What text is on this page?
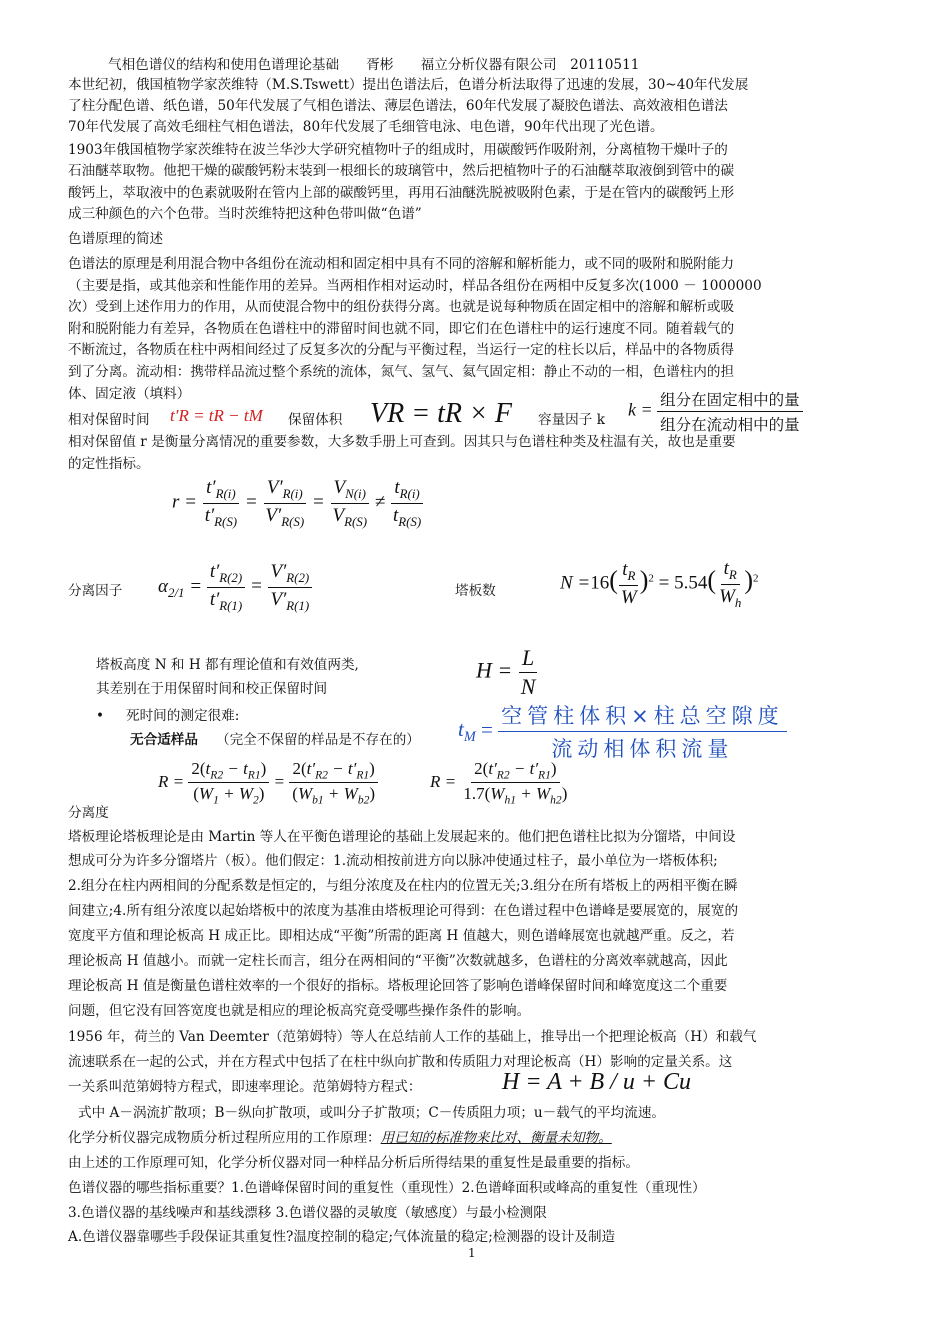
气相色谱仪的结构和使用色谱理论基础　　胥彬　　福立分析仪器有限公司　20110511
本世纪初，俄国植物学家茨维特（M.S.Tswett）提出色谱法后，色谱分析法取得了迅速的发展，30~40年代发展
了柱分配色谱、纸色谱，50年代发展了气相色谱法、薄层色谱法，60年代发展了凝胶色谱法、高效液相色谱法
70年代发展了高效毛细柱气相色谱法，80年代发展了毛细管电泳、电色谱，90年代出现了光色谱。
1903年俄国植物学家茨维特在波兰华沙大学研究植物叶子的组成时，用碳酸钙作吸附剂，分离植物干燥叶子的
石油醚萃取物。他把干燥的碳酸钙粉末装到一根细长的玻璃管中，然后把植物叶子的石油醚萃取液倒到管中的碳
酸钙上，萃取液中的色素就吸附在管内上部的碳酸钙里，再用石油醚洗脱被吸附色素，于是在管内的碳酸钙上形
成三种颜色的六个色带。当时茨维特把这种色带叫做“色谱”
色谱原理的简述
色谱法的原理是利用混合物中各组份在流动相和固定相中具有不同的溶解和解析能力，或不同的吸附和脱附能力
（主要是指，或其他亲和性能作用的差异。当两相作相对运动时，样品各组份在两相中反复多次(1000 － 1000000
次）受到上述作用力的作用，从而使混合物中的组份获得分离。也就是说每种物质在固定相中的溶解和解析或吸
附和脱附能力有差异，各物质在色谱柱中的滞留时间也就不同，即它们在色谱柱中的运行速度不同。随着载气的
不断流过，各物质在柱中两相间经过了反复多次的分配与平衡过程，当运行一定的柱长以后，样品中的各物质得
到了分离。流动相：携带样品流过整个系统的流体，氮气、氢气、氦气固定相：静止不动的一相，色谱柱内的担
体、固定液（填料）
相对保留时间 t′R = tR − tM 保留体积 VR = tR × F 容量因子 k
$k = \frac{\text{组分在固定相中的量}}{\text{组分在流动相中的量}}$
相对保留值 r 是衡量分离情况的重要参数，大多数手册上可查到。因其只与色谱柱种类及柱温有关，故也是重要
的定性指标。
$r = \frac{t'_{R(i)}}{t'_{R(S)}} = \frac{V'_{R(i)}}{V'_{R(S)}} = \frac{V_{N(i)}}{V_{R(S)}} \ne \frac{t_{R(i)}}{t_{R(S)}}$
分离因子 $\alpha_{2/1} = \frac{t'_{R(2)}}{t'_{R(1)}} = \frac{V'_{R(2)}}{V'_{R(1)}}$	塔板数	$N =16( \frac{t_R}{W} )^2 = 5.54( \frac{t_R}{W_h} )^2$
塔板高度 N 和 H 都有理论值和有效值两类,
其差别在于用保留时间和校正保留时间
$H = \frac{L}{N}$
• 死时间的测定很难:
无合适样品 （完全不保留的样品是不存在的） $t_M = \frac{\text{空管柱体积×柱总空隙度}}{\text{流动相体积流量}}$
$R = \frac{2(t_{R2} - t_{R1})}{(W_1 + W_2)} = \frac{2(t'_{R2} - t'_{R1})}{(W_{b1} + W_{b2})}$	$R = \frac{2(t'_{R2} - t'_{R1})}{1.7(W_{h1} + W_{h2})}$
分离度
塔板理论塔板理论是由 Martin 等人在平衡色谱理论的基础上发展起来的。他们把色谱柱比拟为分馏塔，中间设
想成可分为许多分馏塔片（板）。他们假定：1.流动相按前进方向以脉冲使通过柱子，最小单位为一塔板体积;
2.组分在柱内两相间的分配系数是恒定的，与组分浓度及在柱内的位置无关;3.组分在所有塔板上的两相平衡在瞬
间建立;4.所有组分浓度以起始塔板中的浓度为基准由塔板理论可得到：在色谱过程中色谱峰是要展宽的，展宽的
宽度平方值和理论板高 H 成正比。即相达成“平衡”所需的距离 H 值越大，则色谱峰展宽也就越严重。反之，若
理论板高 H 值越小。而就一定柱长而言，组分在两相间的“平衡”次数就越多，色谱柱的分离效率就越高，因此
理论板高 H 值是衡量色谱柱效率的一个很好的指标。塔板理论回答了影响色谱峰保留时间和峰宽度这二个重要
问题，但它没有回答宽度也就是相应的理论板高究竟受哪些操作条件的影响。
1956 年，荷兰的 Van Deemter（范第姆特）等人在总结前人工作的基础上，推导出一个把理论板高（H）和载气
流速联系在一起的公式，并在方程式中包括了在柱中纵向扩散和传质阻力对理论板高（H）影响的定量关系。这
一关系叫范第姆特方程式，即速率理论。范第姆特方程式：	H = A + B / u + Cu
式中 A－涡流扩散项；B－纵向扩散项，或叫分子扩散项；C－传质阻力项；u－载气的平均流速。
化学分析仪器完成物质分析过程所应用的工作原理：用已知的标准物来比对、衡量未知物。
由上述的工作原理可知，化学分析仪器对同一种样品分析后所得结果的重复性是最重要的指标。
色谱仪器的哪些指标重要？1.色谱峰保留时间的重复性（重现性）2.色谱峰面积或峰高的重复性（重现性）
3.色谱仪器的基线噪声和基线漂移 3.色谱仪器的灵敏度（敏感度）与最小检测限
A.色谱仪器靠哪些手段保证其重复性?温度控制的稳定;气体流量的稳定;检测器的设计及制造
1
